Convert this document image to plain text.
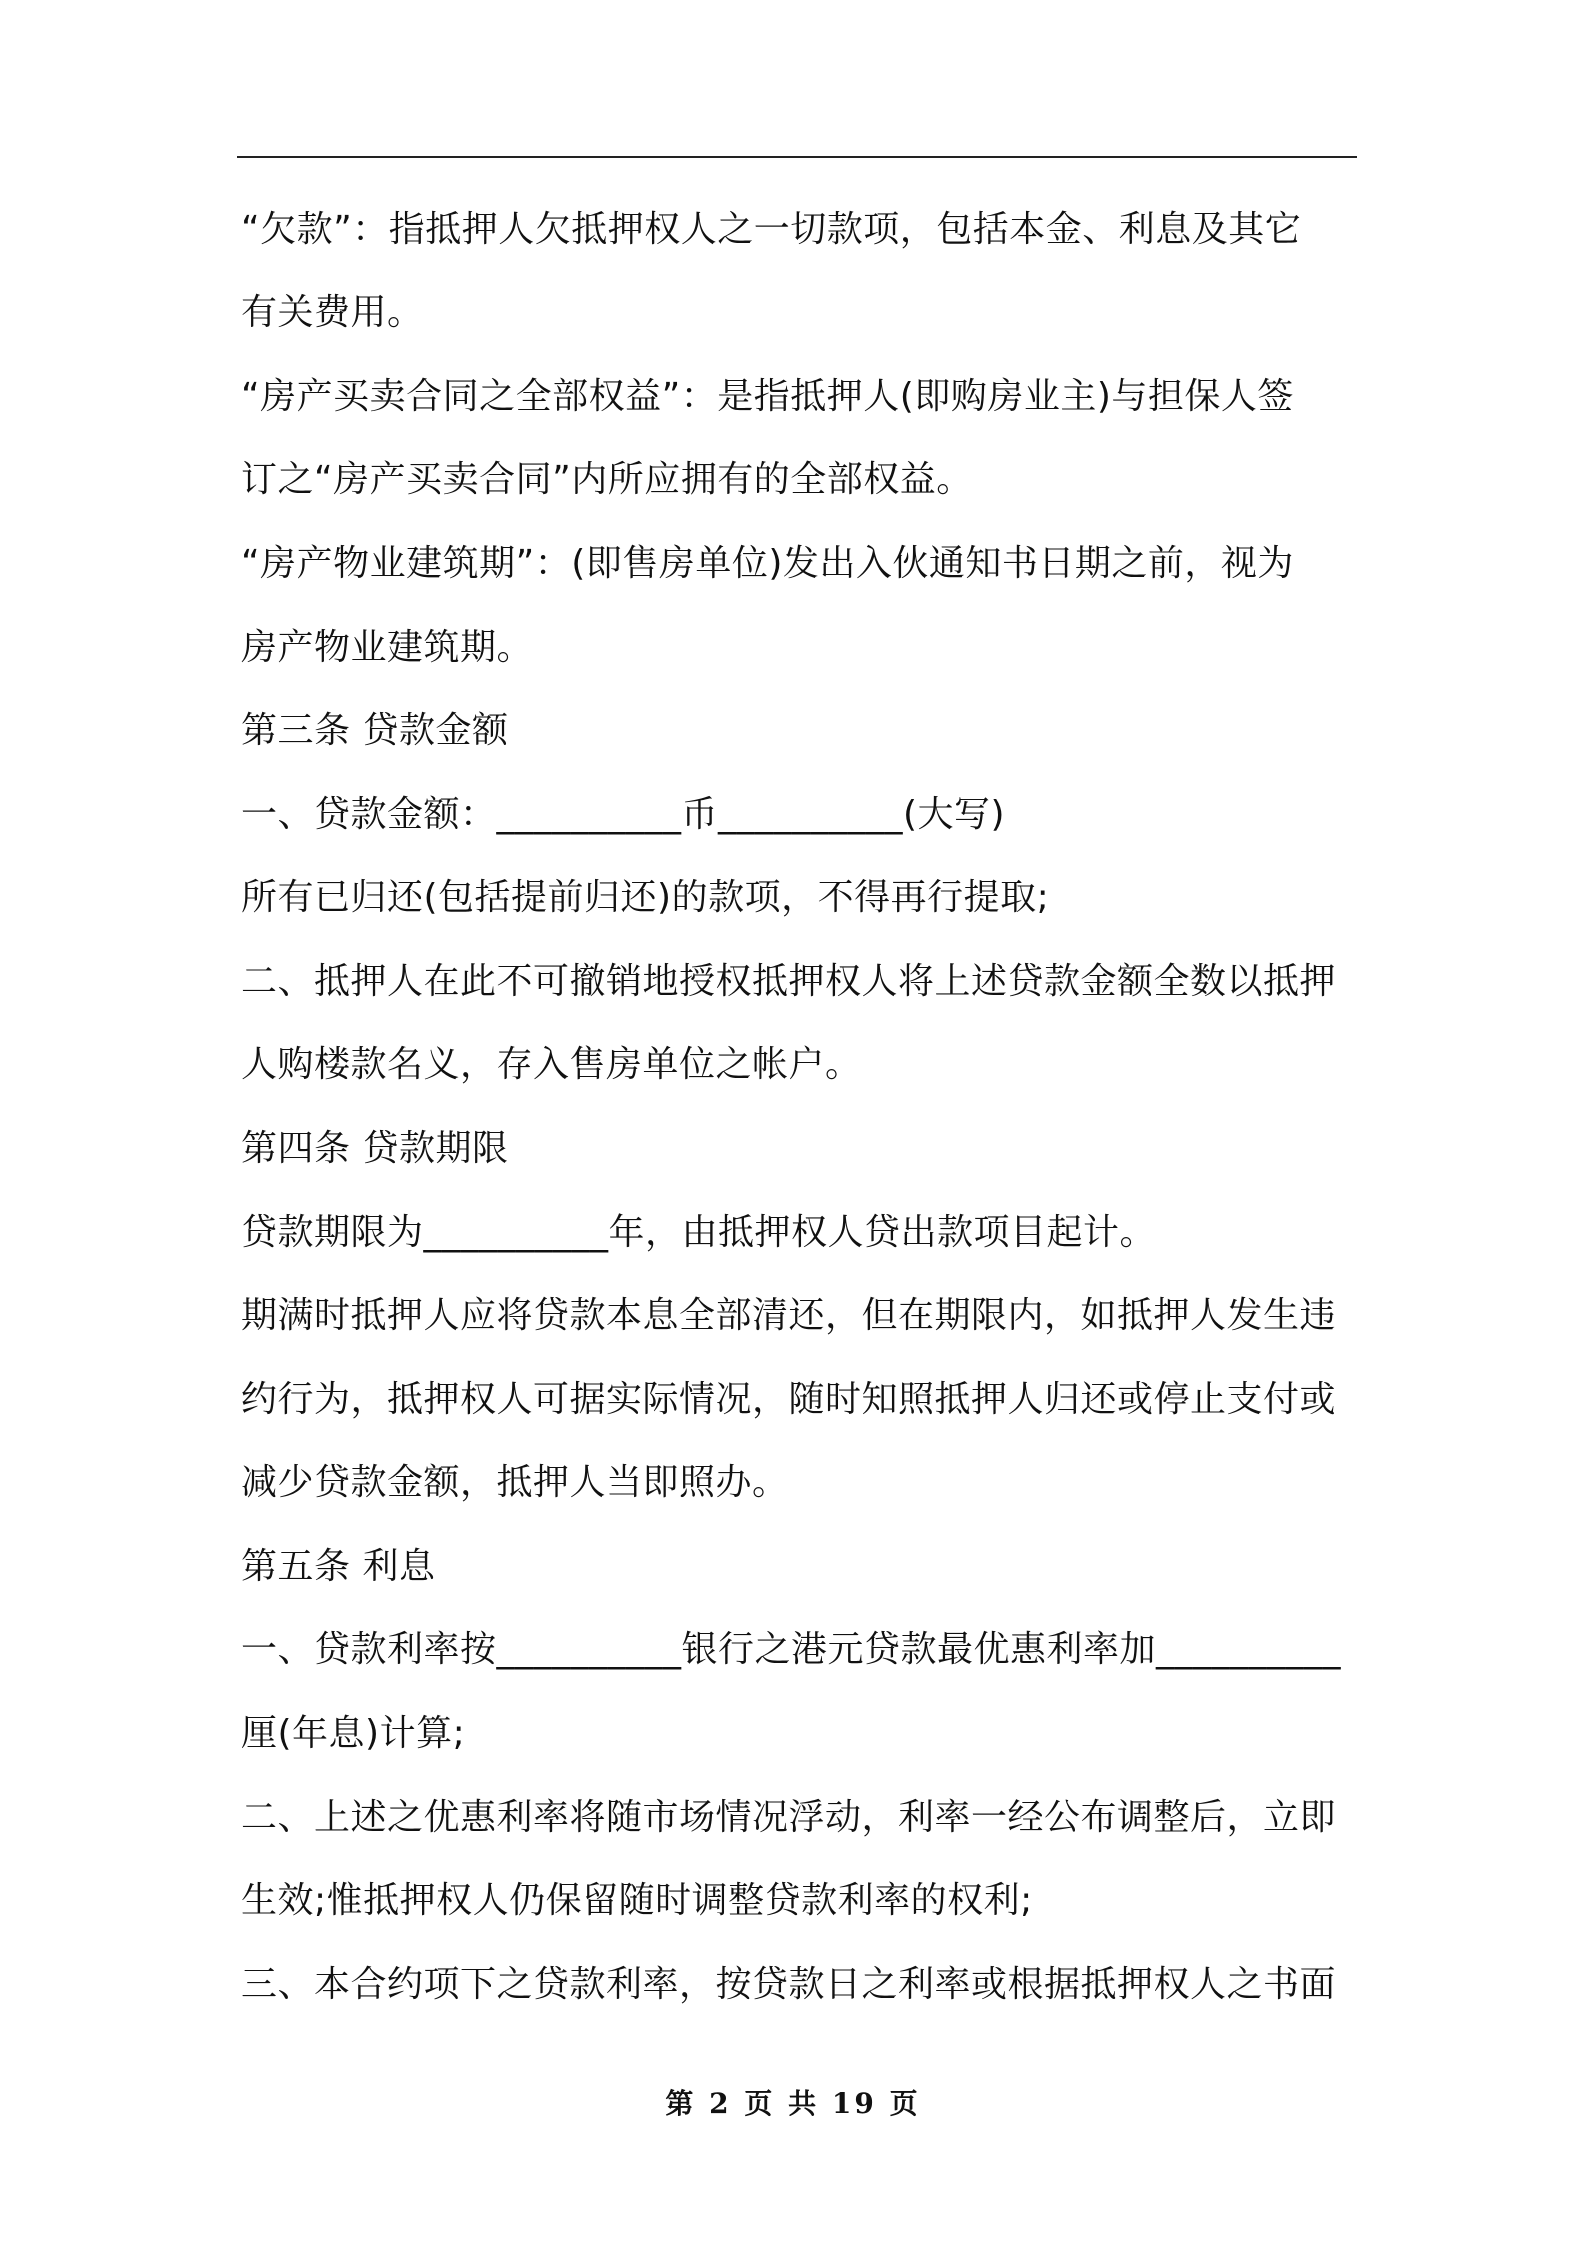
“欠款”：指抵押人欠抵押权人之一切款项，包括本金、利息及其它
有关费用。
“房产买卖合同之全部权益”：是指抵押人(即购房业主)与担保人签
订之“房产买卖合同”内所应拥有的全部权益。
“房产物业建筑期”：(即售房单位)发出入伙通知书日期之前，视为
房产物业建筑期。
第三条 贷款金额
一、贷款金额：__________币__________(大写)
所有已归还(包括提前归还)的款项，不得再行提取;
二、抵押人在此不可撤销地授权抵押权人将上述贷款金额全数以抵押
人购楼款名义，存入售房单位之帐户。
第四条 贷款期限
贷款期限为__________年，由抵押权人贷出款项目起计。
期满时抵押人应将贷款本息全部清还，但在期限内，如抵押人发生违
约行为，抵押权人可据实际情况，随时知照抵押人归还或停止支付或
减少贷款金额，抵押人当即照办。
第五条 利息
一、贷款利率按__________银行之港元贷款最优惠利率加__________
厘(年息)计算;
二、上述之优惠利率将随市场情况浮动，利率一经公布调整后，立即
生效;惟抵押权人仍保留随时调整贷款利率的权利;
三、本合约项下之贷款利率，按贷款日之利率或根据抵押权人之书面
第 2 页 共 19 页
